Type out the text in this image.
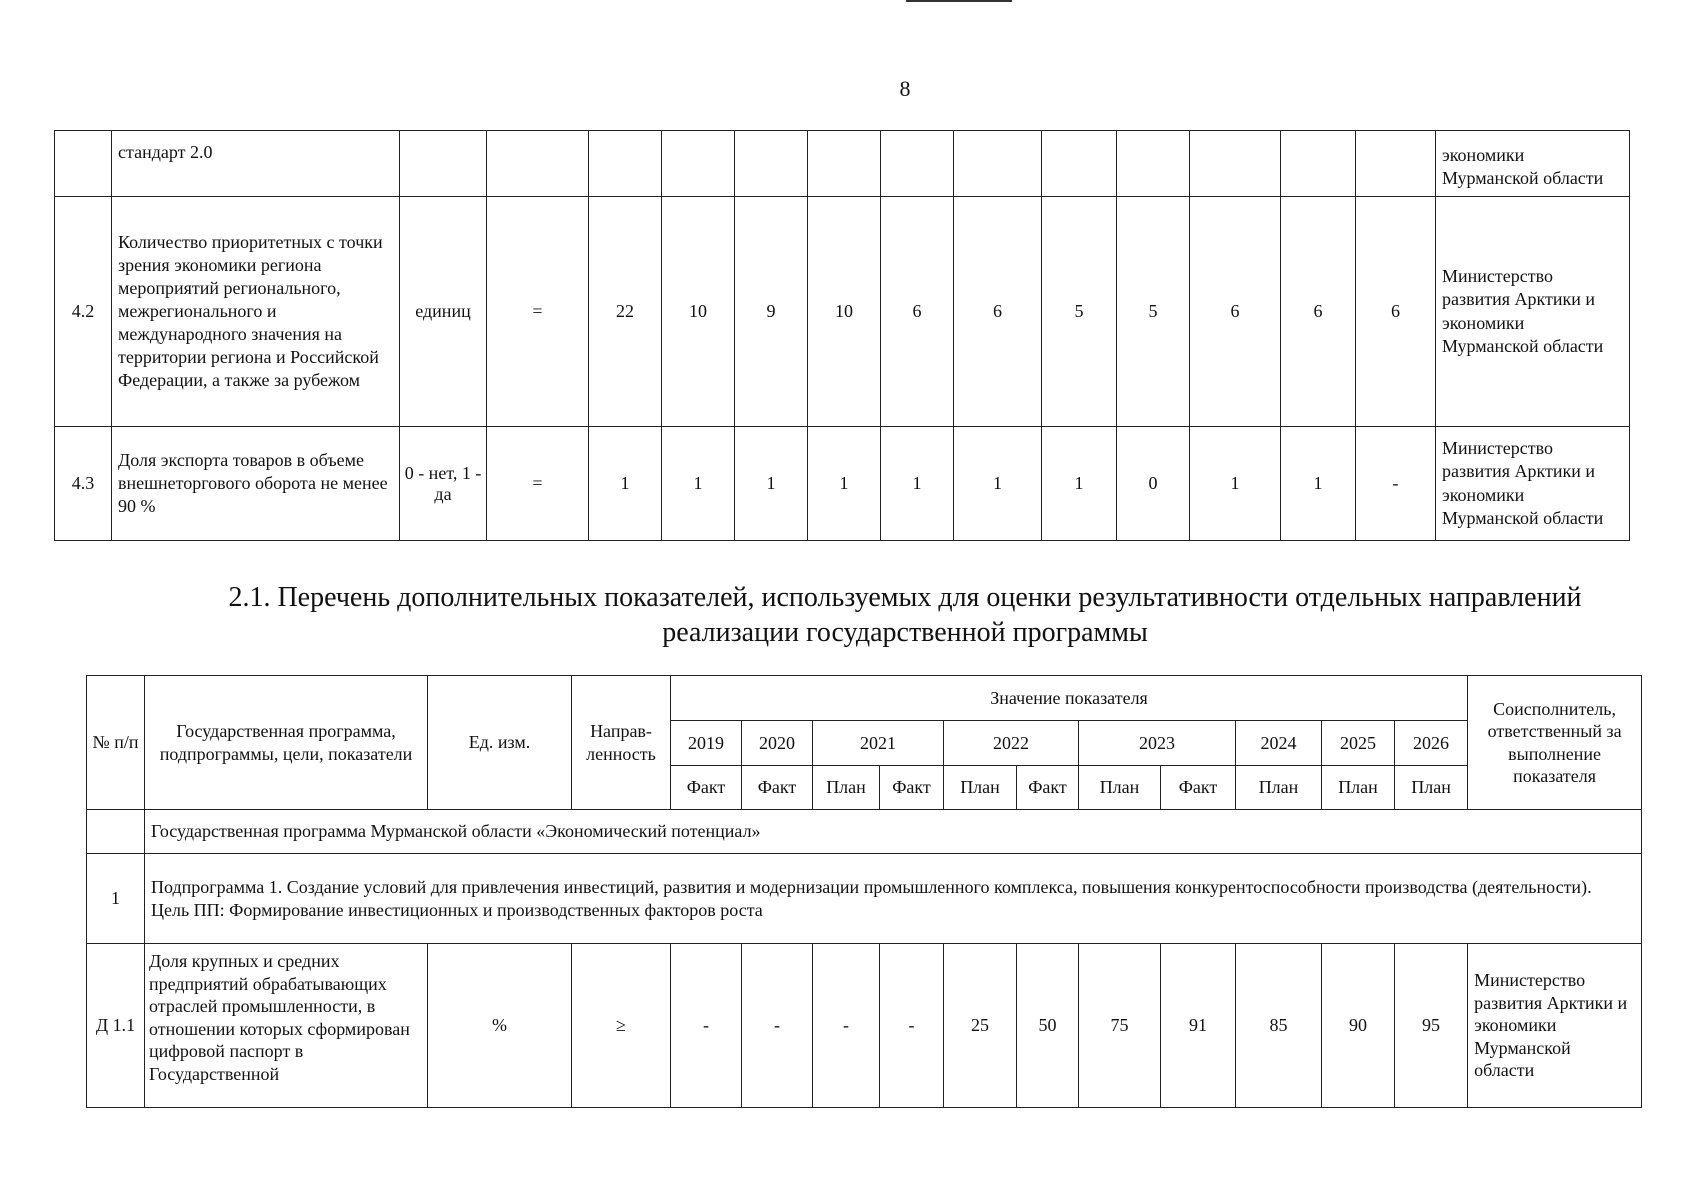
8
	стандарт 2.0														экономики Мурманской области
4.2	Количество приоритетных с точки зрения экономики региона мероприятий регионального, межрегионального и международного значения на территории региона и Российской Федерации, а также за рубежом	единиц	=	22	10	9	10	6	6	5	5	6	6	6	Министерство развития Арктики и экономики Мурманской области
4.3	Доля экспорта товаров в объеме внешнеторгового оборота не менее 90 %	0 - нет, 1 - да	=	1	1	1	1	1	1	1	0	1	1	-	Министерство развития Арктики и экономики Мурманской области
2.1. Перечень дополнительных показателей, используемых для оценки результативности отдельных направлений реализации государственной программы
№ п/п	Государственная программа, подпрограммы, цели, показатели	Ед. изм.	Направ-ленность	Значение показателя											Соисполнитель, ответственный за выполнение показателя
				2019	2020	2021		2022		2023		2024	2025	2026	
				Факт	Факт	План	Факт	План	Факт	План	Факт	План	План	План	
	Государственная программа Мурманской области «Экономический потенциал»														
1	Подпрограмма 1. Создание условий для привлечения инвестиций, развития и модернизации промышленного комплекса, повышения конкурентоспособности производства (деятельности).
Цель ПП: Формирование инвестиционных и производственных факторов роста														

Д 1.1	Доля крупных и средних предприятий обрабатывающих отраслей промышленности, в отношении которых сформирован цифровой паспорт в Государственной	%	≥	-	-	-	-	25	50	75	91	85	90	95	Министерство развития Арктики и экономики Мурманской области
